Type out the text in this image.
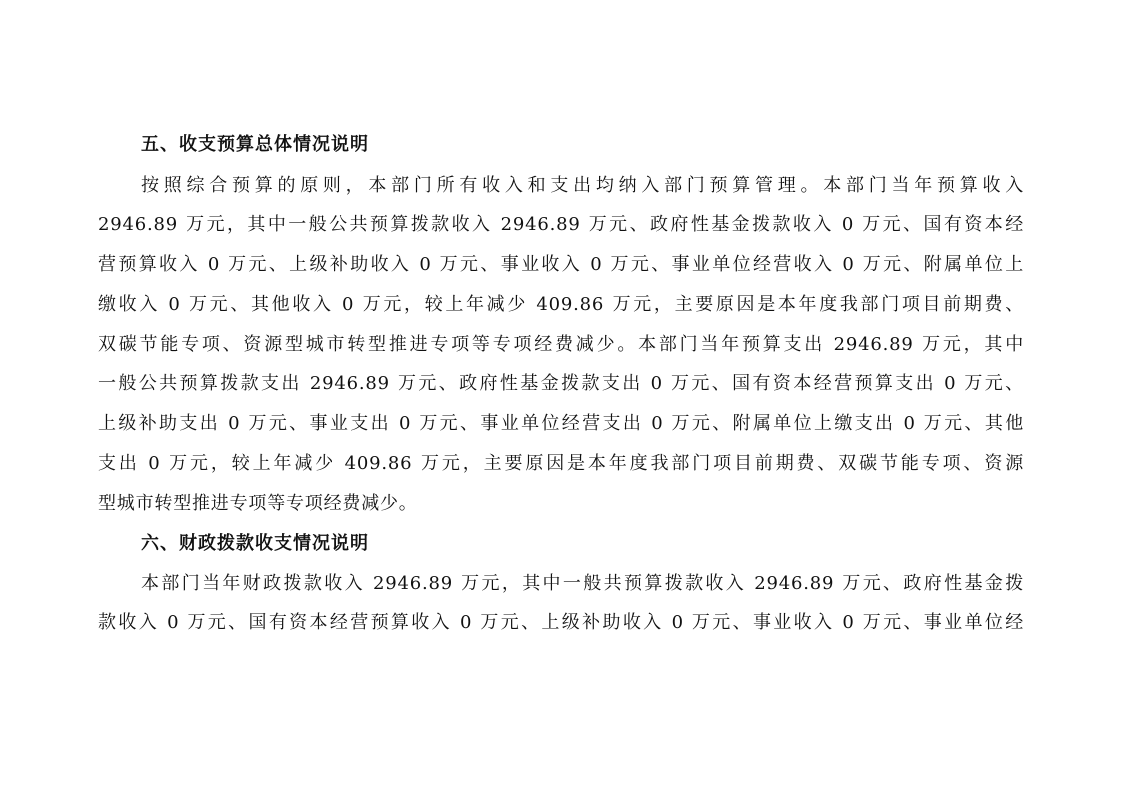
五、收支预算总体情况说明
按照综合预算的原则，本部门所有收入和支出均纳入部门预算管理。本部门当年预算收入
2946.89 万元，其中一般公共预算拨款收入 2946.89 万元、政府性基金拨款收入 0 万元、国有资本经
营预算收入 0 万元、上级补助收入 0 万元、事业收入 0 万元、事业单位经营收入 0 万元、附属单位上
缴收入 0 万元、其他收入 0 万元，较上年减少 409.86 万元，主要原因是本年度我部门项目前期费、
双碳节能专项、资源型城市转型推进专项等专项经费减少。本部门当年预算支出 2946.89 万元，其中
一般公共预算拨款支出 2946.89 万元、政府性基金拨款支出 0 万元、国有资本经营预算支出 0 万元、
上级补助支出 0 万元、事业支出 0 万元、事业单位经营支出 0 万元、附属单位上缴支出 0 万元、其他
支出 0 万元，较上年减少 409.86 万元，主要原因是本年度我部门项目前期费、双碳节能专项、资源
型城市转型推进专项等专项经费减少。
六、财政拨款收支情况说明
本部门当年财政拨款收入 2946.89 万元，其中一般共预算拨款收入 2946.89 万元、政府性基金拨
款收入 0 万元、国有资本经营预算收入 0 万元、上级补助收入 0 万元、事业收入 0 万元、事业单位经
